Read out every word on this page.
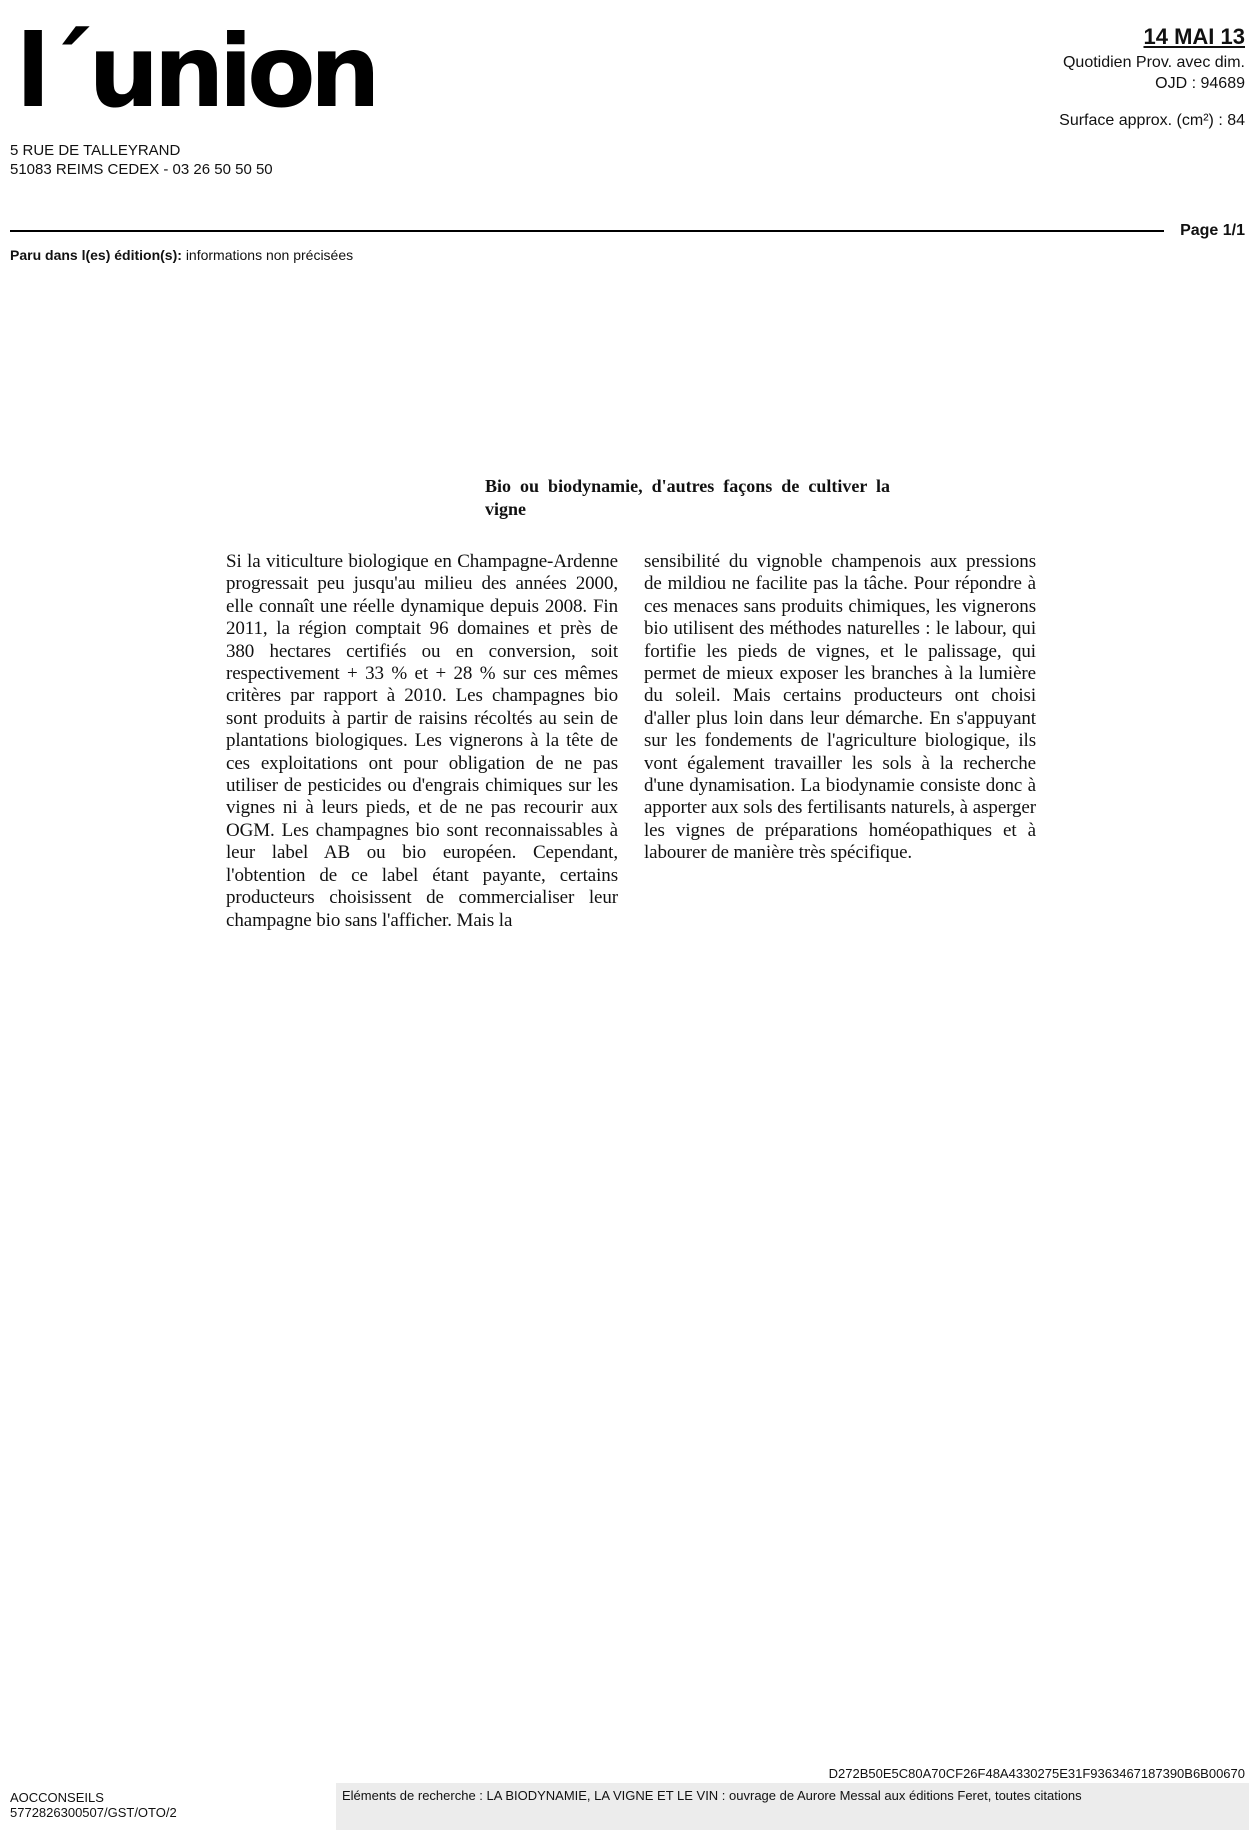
l´union
5 RUE DE TALLEYRAND
51083 REIMS CEDEX - 03 26 50 50 50
14 MAI 13
Quotidien Prov. avec dim.
OJD : 94689
Surface approx. (cm²) : 84
Page 1/1
Paru dans l(es) édition(s): informations non précisées
Bio ou biodynamie, d'autres façons de cultiver la vigne
Si la viticulture biologique en Champagne-Ardenne progressait peu jusqu'au milieu des années 2000, elle connaît une réelle dynamique depuis 2008. Fin 2011, la région comptait 96 domaines et près de 380 hectares certifiés ou en conversion, soit respectivement + 33 % et + 28 % sur ces mêmes critères par rapport à 2010. Les champagnes bio sont produits à partir de raisins récoltés au sein de plantations biologiques. Les vignerons à la tête de ces exploitations ont pour obligation de ne pas utiliser de pesticides ou d'engrais chimiques sur les vignes ni à leurs pieds, et de ne pas recourir aux OGM. Les champagnes bio sont reconnaissables à leur label AB ou bio européen. Cependant, l'obtention de ce label étant payante, certains producteurs choisissent de commercialiser leur champagne bio sans l'afficher. Mais la
sensibilité du vignoble champenois aux pressions de mildiou ne facilite pas la tâche. Pour répondre à ces menaces sans produits chimiques, les vignerons bio utilisent des méthodes naturelles : le labour, qui fortifie les pieds de vignes, et le palissage, qui permet de mieux exposer les branches à la lumière du soleil. Mais certains producteurs ont choisi d'aller plus loin dans leur démarche. En s'appuyant sur les fondements de l'agriculture biologique, ils vont également travailler les sols à la recherche d'une dynamisation. La biodynamie consiste donc à apporter aux sols des fertilisants naturels, à asperger les vignes de préparations homéopathiques et à labourer de manière très spécifique.
D272B50E5C80A70CF26F48A4330275E31F9363467187390B6B00670
AOCCONSEILS
5772826300507/GST/OTO/2
Eléments de recherche : LA BIODYNAMIE, LA VIGNE ET LE VIN : ouvrage de Aurore Messal aux éditions Feret, toutes citations
